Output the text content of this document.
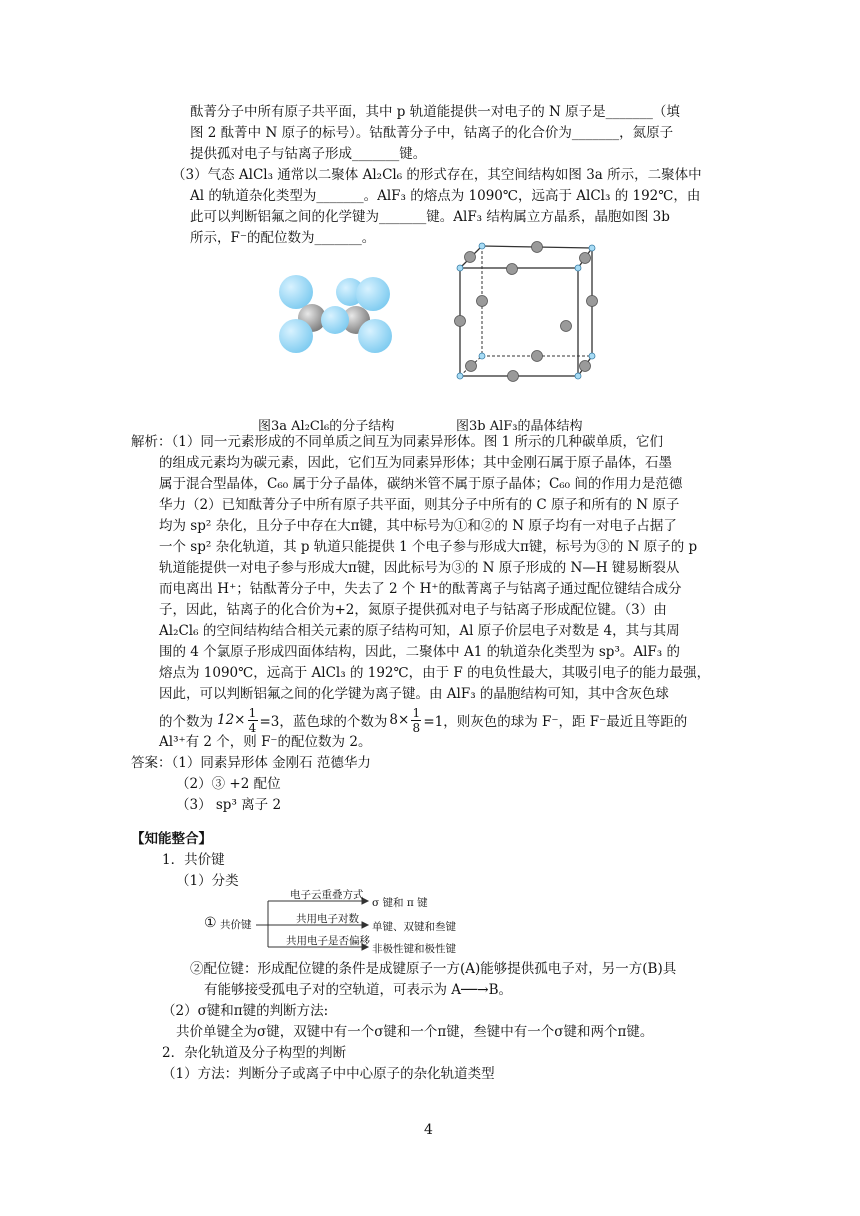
酞菁分子中所有原子共平面，其中 p 轨道能提供一对电子的 N 原子是_______（填
图 2 酞菁中 N 原子的标号）。钴酞菁分子中，钴离子的化合价为_______，氮原子
提供孤对电子与钴离子形成_______键。
（3）气态 AlCl₃ 通常以二聚体 Al₂Cl₆ 的形式存在，其空间结构如图 3a 所示，二聚体中
Al 的轨道杂化类型为_______。AlF₃ 的熔点为 1090℃，远高于 AlCl₃ 的 192℃，由
此可以判断铝氟之间的化学键为_______键。AlF₃ 结构属立方晶系，晶胞如图 3b
所示，F⁻的配位数为_______。
图3a Al₂Cl₆的分子结构	图3b AlF₃的晶体结构
解析：（1）同一元素形成的不同单质之间互为同素异形体。图 1 所示的几种碳单质，它们
的组成元素均为碳元素，因此，它们互为同素异形体；其中金刚石属于原子晶体，石墨
属于混合型晶体，C₆₀ 属于分子晶体，碳纳米管不属于原子晶体；C₆₀ 间的作用力是范德
华力（2）已知酞菁分子中所有原子共平面，则其分子中所有的 C 原子和所有的 N 原子
均为 sp² 杂化，且分子中存在大π键，其中标号为①和②的 N 原子均有一对电子占据了
一个 sp² 杂化轨道，其 p 轨道只能提供 1 个电子参与形成大π键，标号为③的 N 原子的 p
轨道能提供一对电子参与形成大π键，因此标号为③的 N 原子形成的 N—H 键易断裂从
而电离出 H⁺；钴酞菁分子中，失去了 2 个 H⁺的酞菁离子与钴离子通过配位键结合成分
子，因此，钴离子的化合价为+2，氮原子提供孤对电子与钴离子形成配位键。（3）由
Al₂Cl₆ 的空间结构结合相关元素的原子结构可知，Al 原子价层电子对数是 4，其与其周
围的 4 个氯原子形成四面体结构，因此，二聚体中 A1 的轨道杂化类型为 sp³。AlF₃ 的
熔点为 1090℃，远高于 AlCl₃ 的 192℃，由于 F 的电负性最大，其吸引电子的能力最强，
因此，可以判断铝氟之间的化学键为离子键。由 AlF₃ 的晶胞结构可知，其中含灰色球
的个数为 12× 1
4 =3，蓝色球的个数为 8× 1
8 =1，则灰色的球为 F⁻，距 F⁻最近且等距的
Al³⁺有 2 个，则 F⁻的配位数为 2。
答案：（1）同素异形体 金刚石 范德华力
（2）③ +2 配位
（3） sp³ 离子 2
【知能整合】
1．共价键
（1）分类
① 共价键
电子云重叠方式
σ 键和 π 键
共用电子对数
单键、双键和叁键
共用电子是否偏移
非极性键和极性键
②配位键：形成配位键的条件是成键原子一方(A)能够提供孤电子对，另一方(B)具
有能够接受孤电子对的空轨道，可表示为 A──→B。
（2）σ键和π键的判断方法:
共价单键全为σ键，双键中有一个σ键和一个π键，叁键中有一个σ键和两个π键。
2．杂化轨道及分子构型的判断
（1）方法：判断分子或离子中中心原子的杂化轨道类型
4
